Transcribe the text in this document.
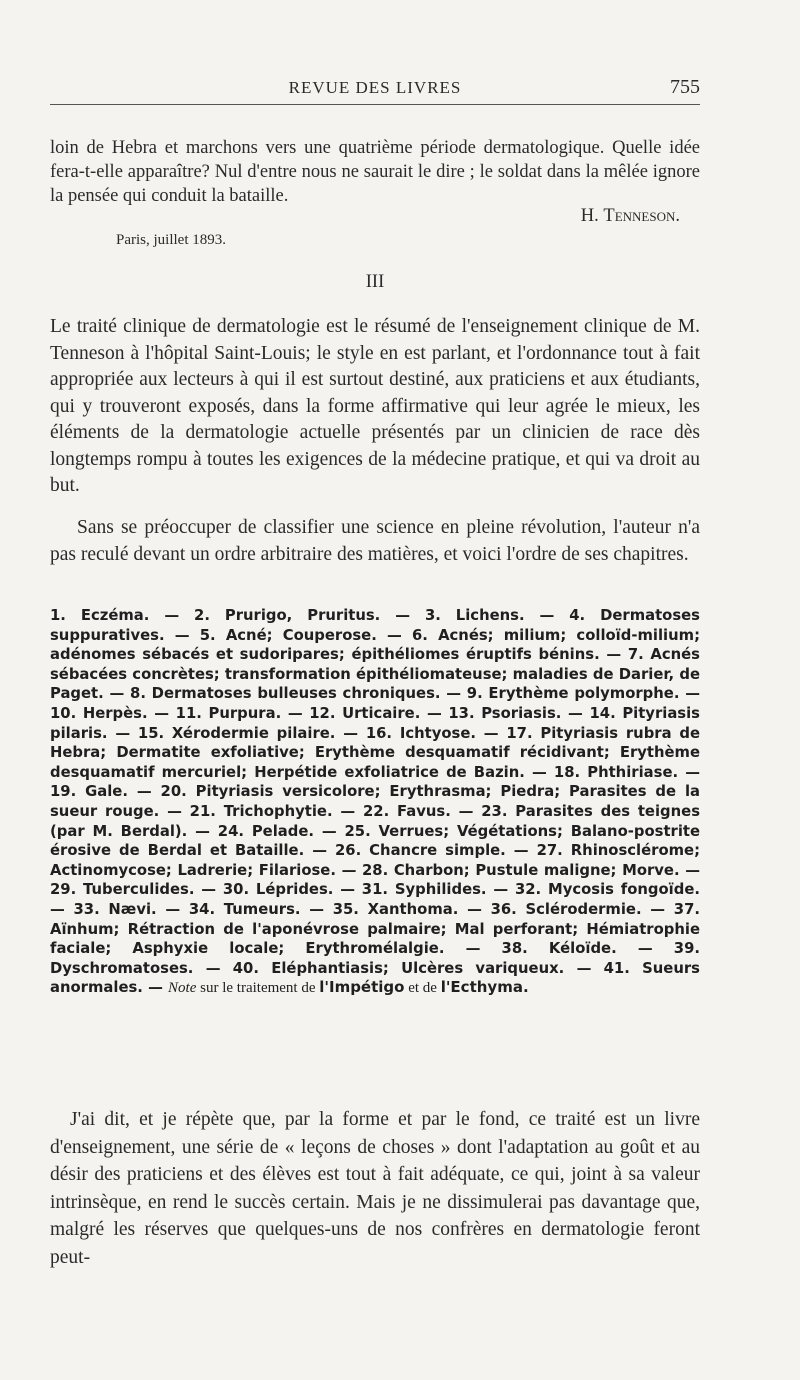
REVUE DES LIVRES	755
loin de Hebra et marchons vers une quatrième période dermatologique. Quelle idée fera-t-elle apparaître? Nul d'entre nous ne saurait le dire ; le soldat dans la mêlée ignore la pensée qui conduit la bataille.
H. Tenneson.
Paris, juillet 1893.
III
Le traité clinique de dermatologie est le résumé de l'enseignement clinique de M. Tenneson à l'hôpital Saint-Louis; le style en est parlant, et l'ordonnance tout à fait appropriée aux lecteurs à qui il est surtout destiné, aux praticiens et aux étudiants, qui y trouveront exposés, dans la forme affirmative qui leur agrée le mieux, les éléments de la dermatologie actuelle présentés par un clinicien de race dès longtemps rompu à toutes les exigences de la médecine pratique, et qui va droit au but.
Sans se préoccuper de classifier une science en pleine révolution, l'auteur n'a pas reculé devant un ordre arbitraire des matières, et voici l'ordre de ses chapitres.
1. Eczéma. — 2. Prurigo, Pruritus. — 3. Lichens. — 4. Dermatoses suppuratives. — 5. Acné; Couperose. — 6. Acnés; milium; colloïd-milium; adénomes sébacés et sudoripares; épithéliomes éruptifs bénins. — 7. Acnés sébacées concrètes; transformation épithéliomateuse; maladies de Darier, de Paget. — 8. Dermatoses bulleuses chroniques. — 9. Erythème polymorphe. — 10. Herpès. — 11. Purpura. — 12. Urticaire. — 13. Psoriasis. — 14. Pityriasis pilaris. — 15. Xérodermie pilaire. — 16. Ichtyose. — 17. Pityriasis rubra de Hebra; Dermatite exfoliative; Erythème desquamatif récidivant; Erythème desquamatif mercuriel; Herpétide exfoliatrice de Bazin. — 18. Phthiriase. — 19. Gale. — 20. Pityriasis versicolore; Erythrasma; Piedra; Parasites de la sueur rouge. — 21. Trichophytie. — 22. Favus. — 23. Parasites des teignes (par M. Berdal). — 24. Pelade. — 25. Verrues; Végétations; Balano-postrite érosive de Berdal et Bataille. — 26. Chancre simple. — 27. Rhinosclérome; Actinomycose; Ladrerie; Filariose. — 28. Charbon; Pustule maligne; Morve. — 29. Tuberculides. — 30. Léprides. — 31. Syphilides. — 32. Mycosis fongoïde. — 33. Nævi. — 34. Tumeurs. — 35. Xanthoma. — 36. Sclérodermie. — 37. Aïnhum; Rétraction de l'aponévrose palmaire; Mal perforant; Hémiatrophie faciale; Asphyxie locale; Erythromélalgie. — 38. Kéloïde. — 39. Dyschromatoses. — 40. Eléphantiasis; Ulcères variqueux. — 41. Sueurs anormales. — Note sur le traitement de l'Impétigo et de l'Ecthyma.
J'ai dit, et je répète que, par la forme et par le fond, ce traité est un livre d'enseignement, une série de « leçons de choses » dont l'adaptation au goût et au désir des praticiens et des élèves est tout à fait adéquate, ce qui, joint à sa valeur intrinsèque, en rend le succès certain. Mais je ne dissimulerai pas davantage que, malgré les réserves que quelques-uns de nos confrères en dermatologie feront peut-
